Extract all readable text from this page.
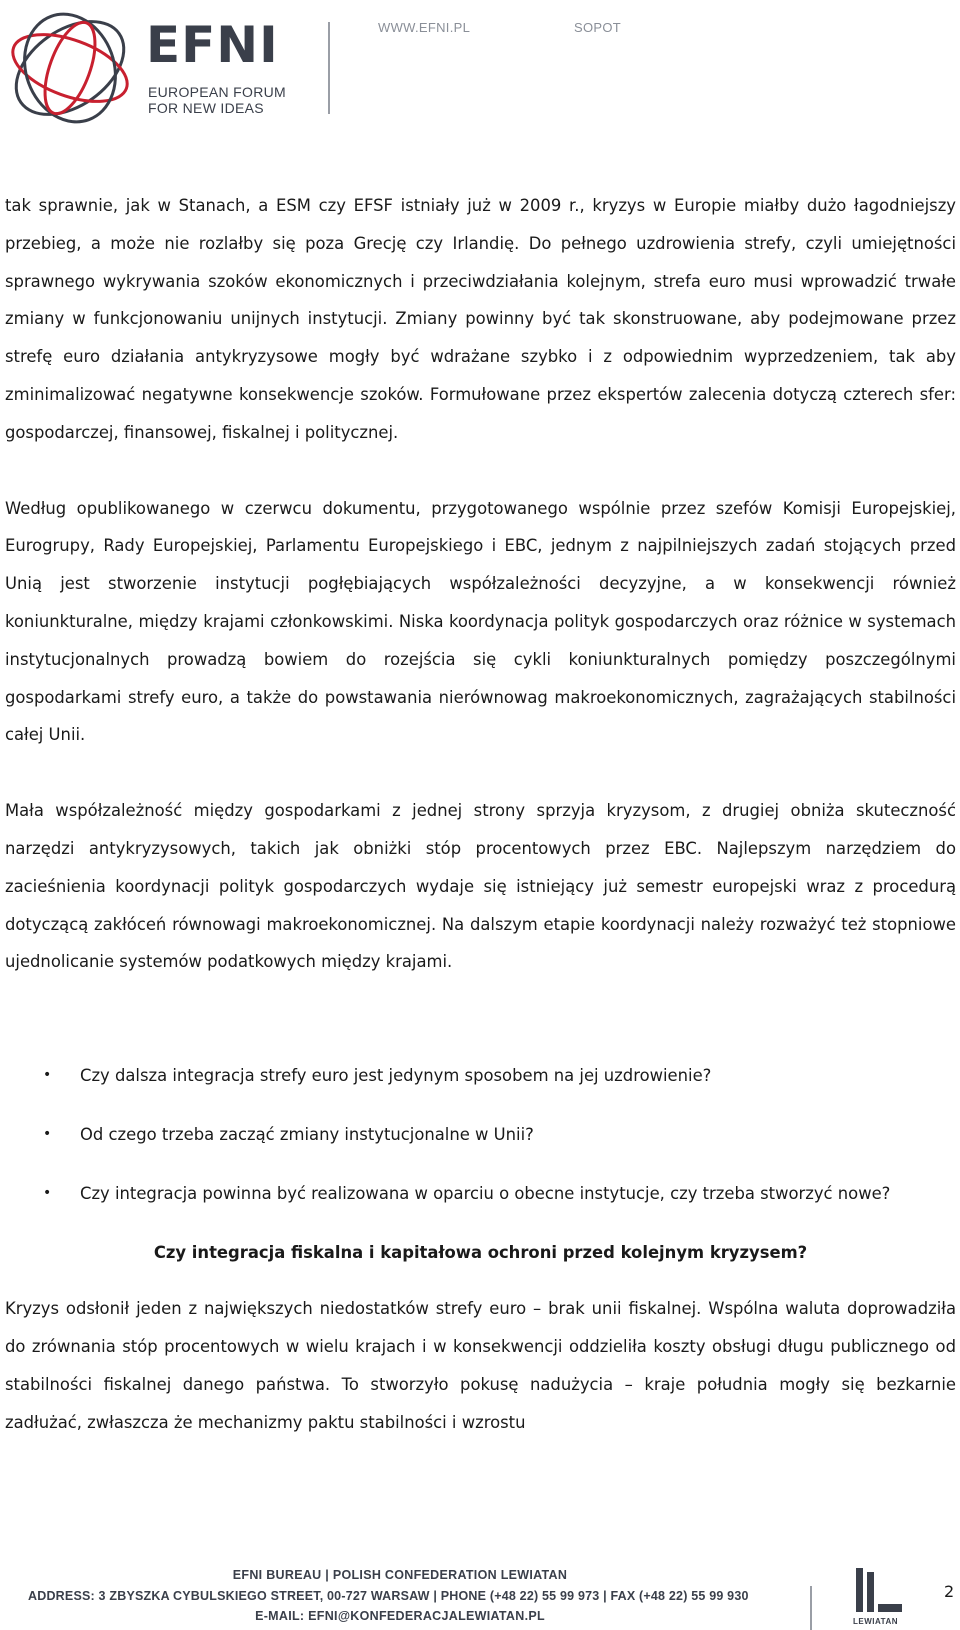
EFNI
EUROPEAN FORUM
FOR NEW IDEAS
WWW.EFNI.PL	SOPOT

tak sprawnie, jak w Stanach, a ESM czy EFSF istniały już w 2009 r., kryzys w Europie miałby dużo łagodniejszy przebieg, a może nie rozlałby się poza Grecję czy Irlandię. Do pełnego uzdrowienia strefy, czyli umiejętności sprawnego wykrywania szoków ekonomicznych i przeciwdziałania kolejnym, strefa euro musi wprowadzić trwałe zmiany w funkcjonowaniu unijnych instytucji. Zmiany powinny być tak skonstruowane, aby podejmowane przez strefę euro działania antykryzysowe mogły być wdrażane szybko i z odpowiednim wyprzedzeniem, tak aby zminimalizować negatywne konsekwencje szoków. Formułowane przez ekspertów zalecenia dotyczą czterech sfer: gospodarczej, finansowej, fiskalnej i politycznej.

Według opublikowanego w czerwcu dokumentu, przygotowanego wspólnie przez szefów Komisji Europejskiej, Eurogrupy, Rady Europejskiej, Parlamentu Europejskiego i EBC, jednym z najpilniejszych zadań stojących przed Unią jest stworzenie instytucji pogłębiających współzależności decyzyjne, a w konsekwencji również koniunkturalne, między krajami członkowskimi. Niska koordynacja polityk gospodarczych oraz różnice w systemach instytucjonalnych prowadzą bowiem do rozejścia się cykli koniunkturalnych pomiędzy poszczególnymi gospodarkami strefy euro, a także do powstawania nierównowag makroekonomicznych, zagrażających stabilności całej Unii.

Mała współzależność między gospodarkami z jednej strony sprzyja kryzysom, z drugiej obniża skuteczność narzędzi antykryzysowych, takich jak obniżki stóp procentowych przez EBC. Najlepszym narzędziem do zacieśnienia koordynacji polityk gospodarczych wydaje się istniejący już semestr europejski wraz z procedurą dotyczącą zakłóceń równowagi makroekonomicznej. Na dalszym etapie koordynacji należy rozważyć też stopniowe ujednolicanie systemów podatkowych między krajami.

• Czy dalsza integracja strefy euro jest jedynym sposobem na jej uzdrowienie?
• Od czego trzeba zacząć zmiany instytucjonalne w Unii?
• Czy integracja powinna być realizowana w oparciu o obecne instytucje, czy trzeba stworzyć nowe?
Czy integracja fiskalna i kapitałowa ochroni przed kolejnym kryzysem?

Kryzys odsłonił jeden z największych niedostatków strefy euro – brak unii fiskalnej. Wspólna waluta doprowadziła do zrównania stóp procentowych w wielu krajach i w konsekwencji oddzieliła koszty obsługi długu publicznego od stabilności fiskalnej danego państwa. To stworzyło pokusę nadużycia – kraje południa mogły się bezkarnie zadłużać, zwłaszcza że mechanizmy paktu stabilności i wzrostu

EFNI BUREAU | POLISH CONFEDERATION LEWIATAN
ADDRESS: 3 ZBYSZKA CYBULSKIEGO STREET, 00-727 WARSAW | PHONE (+48 22) 55 99 973 | FAX (+48 22) 55 99 930
E-MAIL: EFNI@KONFEDERACJALEWIATAN.PL	LEWIATAN
2
